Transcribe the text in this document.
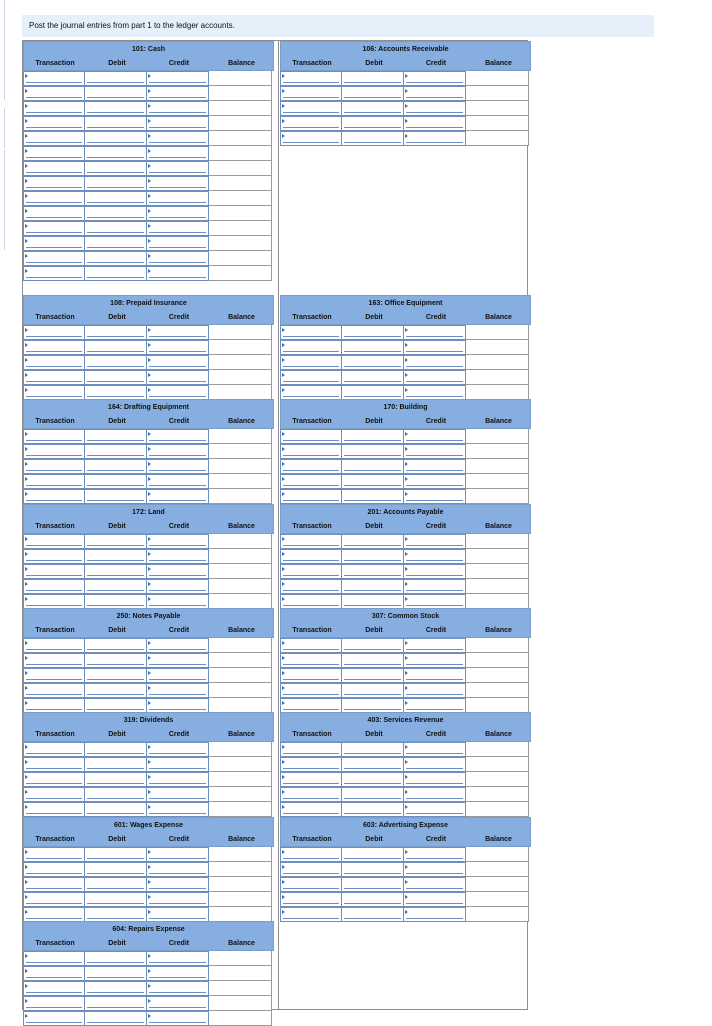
Post the journal entries from part 1 to the ledger accounts.
101: Cash
Transaction	Debit	Credit	Balance
106: Accounts Receivable
Transaction	Debit	Credit	Balance
108: Prepaid Insurance
Transaction	Debit	Credit	Balance
163: Office Equipment
Transaction	Debit	Credit	Balance
164: Drafting Equipment
Transaction	Debit	Credit	Balance
170: Building
Transaction	Debit	Credit	Balance
172: Land
Transaction	Debit	Credit	Balance
201: Accounts Payable
Transaction	Debit	Credit	Balance
250: Notes Payable
Transaction	Debit	Credit	Balance
307: Common Stock
Transaction	Debit	Credit	Balance
319: Dividends
Transaction	Debit	Credit	Balance
403: Services Revenue
Transaction	Debit	Credit	Balance
601: Wages Expense
Transaction	Debit	Credit	Balance
603: Advertising Expense
Transaction	Debit	Credit	Balance
604: Repairs Expense
Transaction	Debit	Credit	Balance
